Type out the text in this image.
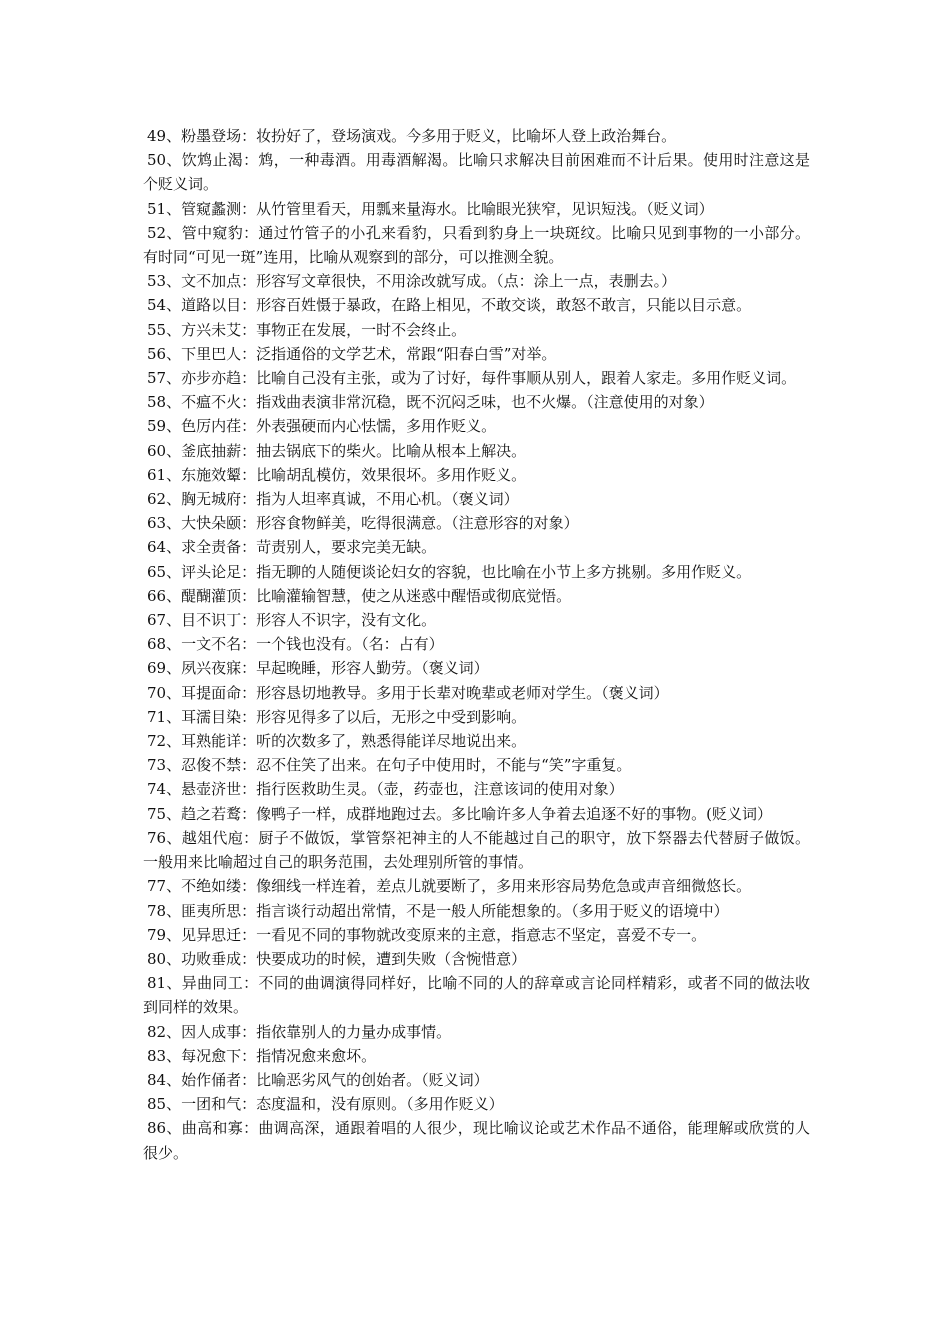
49、粉墨登场：妆扮好了，登场演戏。今多用于贬义，比喻坏人登上政治舞台。

50、饮鸩止渴：鸩，一种毒酒。用毒酒解渴。比喻只求解决目前困难而不计后果。使用时注意这是个贬义词。

51、管窥蠡测：从竹管里看天，用瓢来量海水。比喻眼光狭窄，见识短浅。（贬义词）

52、管中窥豹：通过竹管子的小孔来看豹，只看到豹身上一块斑纹。比喻只见到事物的一小部分。有时同“可见一斑”连用，比喻从观察到的部分，可以推测全貌。

53、文不加点：形容写文章很快，不用涂改就写成。（点：涂上一点，表删去。）

54、道路以目：形容百姓慑于暴政，在路上相见，不敢交谈，敢怒不敢言，只能以目示意。

55、方兴未艾：事物正在发展，一时不会终止。

56、下里巴人：泛指通俗的文学艺术，常跟“阳春白雪”对举。

57、亦步亦趋：比喻自己没有主张，或为了讨好，每件事顺从别人，跟着人家走。多用作贬义词。

58、不瘟不火：指戏曲表演非常沉稳，既不沉闷乏味，也不火爆。（注意使用的对象）

59、色厉内荏：外表强硬而内心怯懦，多用作贬义。

60、釜底抽薪：抽去锅底下的柴火。比喻从根本上解决。

61、东施效颦：比喻胡乱模仿，效果很坏。多用作贬义。

62、胸无城府：指为人坦率真诚，不用心机。（褒义词）

63、大快朵颐：形容食物鲜美，吃得很满意。（注意形容的对象）

64、求全责备：苛责别人，要求完美无缺。

65、评头论足：指无聊的人随便谈论妇女的容貌，也比喻在小节上多方挑剔。多用作贬义。

66、醍醐灌顶：比喻灌输智慧，使之从迷惑中醒悟或彻底觉悟。

67、目不识丁：形容人不识字，没有文化。

68、一文不名：一个钱也没有。（名：占有）

69、夙兴夜寐：早起晚睡，形容人勤劳。（褒义词）

70、耳提面命：形容恳切地教导。多用于长辈对晚辈或老师对学生。（褒义词）

71、耳濡目染：形容见得多了以后，无形之中受到影响。

72、耳熟能详：听的次数多了，熟悉得能详尽地说出来。

73、忍俊不禁：忍不住笑了出来。在句子中使用时，不能与“笑”字重复。

74、悬壶济世：指行医救助生灵。（壶，药壶也，注意该词的使用对象）

75、趋之若鹜：像鸭子一样，成群地跑过去。多比喻许多人争着去追逐不好的事物。(贬义词）

76、越俎代庖：厨子不做饭，掌管祭祀神主的人不能越过自己的职守，放下祭器去代替厨子做饭。一般用来比喻超过自己的职务范围，去处理别所管的事情。

77、不绝如缕：像细线一样连着，差点儿就要断了，多用来形容局势危急或声音细微悠长。

78、匪夷所思：指言谈行动超出常情，不是一般人所能想象的。（多用于贬义的语境中）

79、见异思迁：一看见不同的事物就改变原来的主意，指意志不坚定，喜爱不专一。

80、功败垂成：快要成功的时候，遭到失败（含惋惜意）

81、异曲同工：不同的曲调演得同样好，比喻不同的人的辞章或言论同样精彩，或者不同的做法收到同样的效果。

82、因人成事：指依靠别人的力量办成事情。

83、每况愈下：指情况愈来愈坏。

84、始作俑者：比喻恶劣风气的创始者。（贬义词）

85、一团和气：态度温和，没有原则。（多用作贬义）

86、曲高和寡：曲调高深，通跟着唱的人很少，现比喻议论或艺术作品不通俗，能理解或欣赏的人很少。
